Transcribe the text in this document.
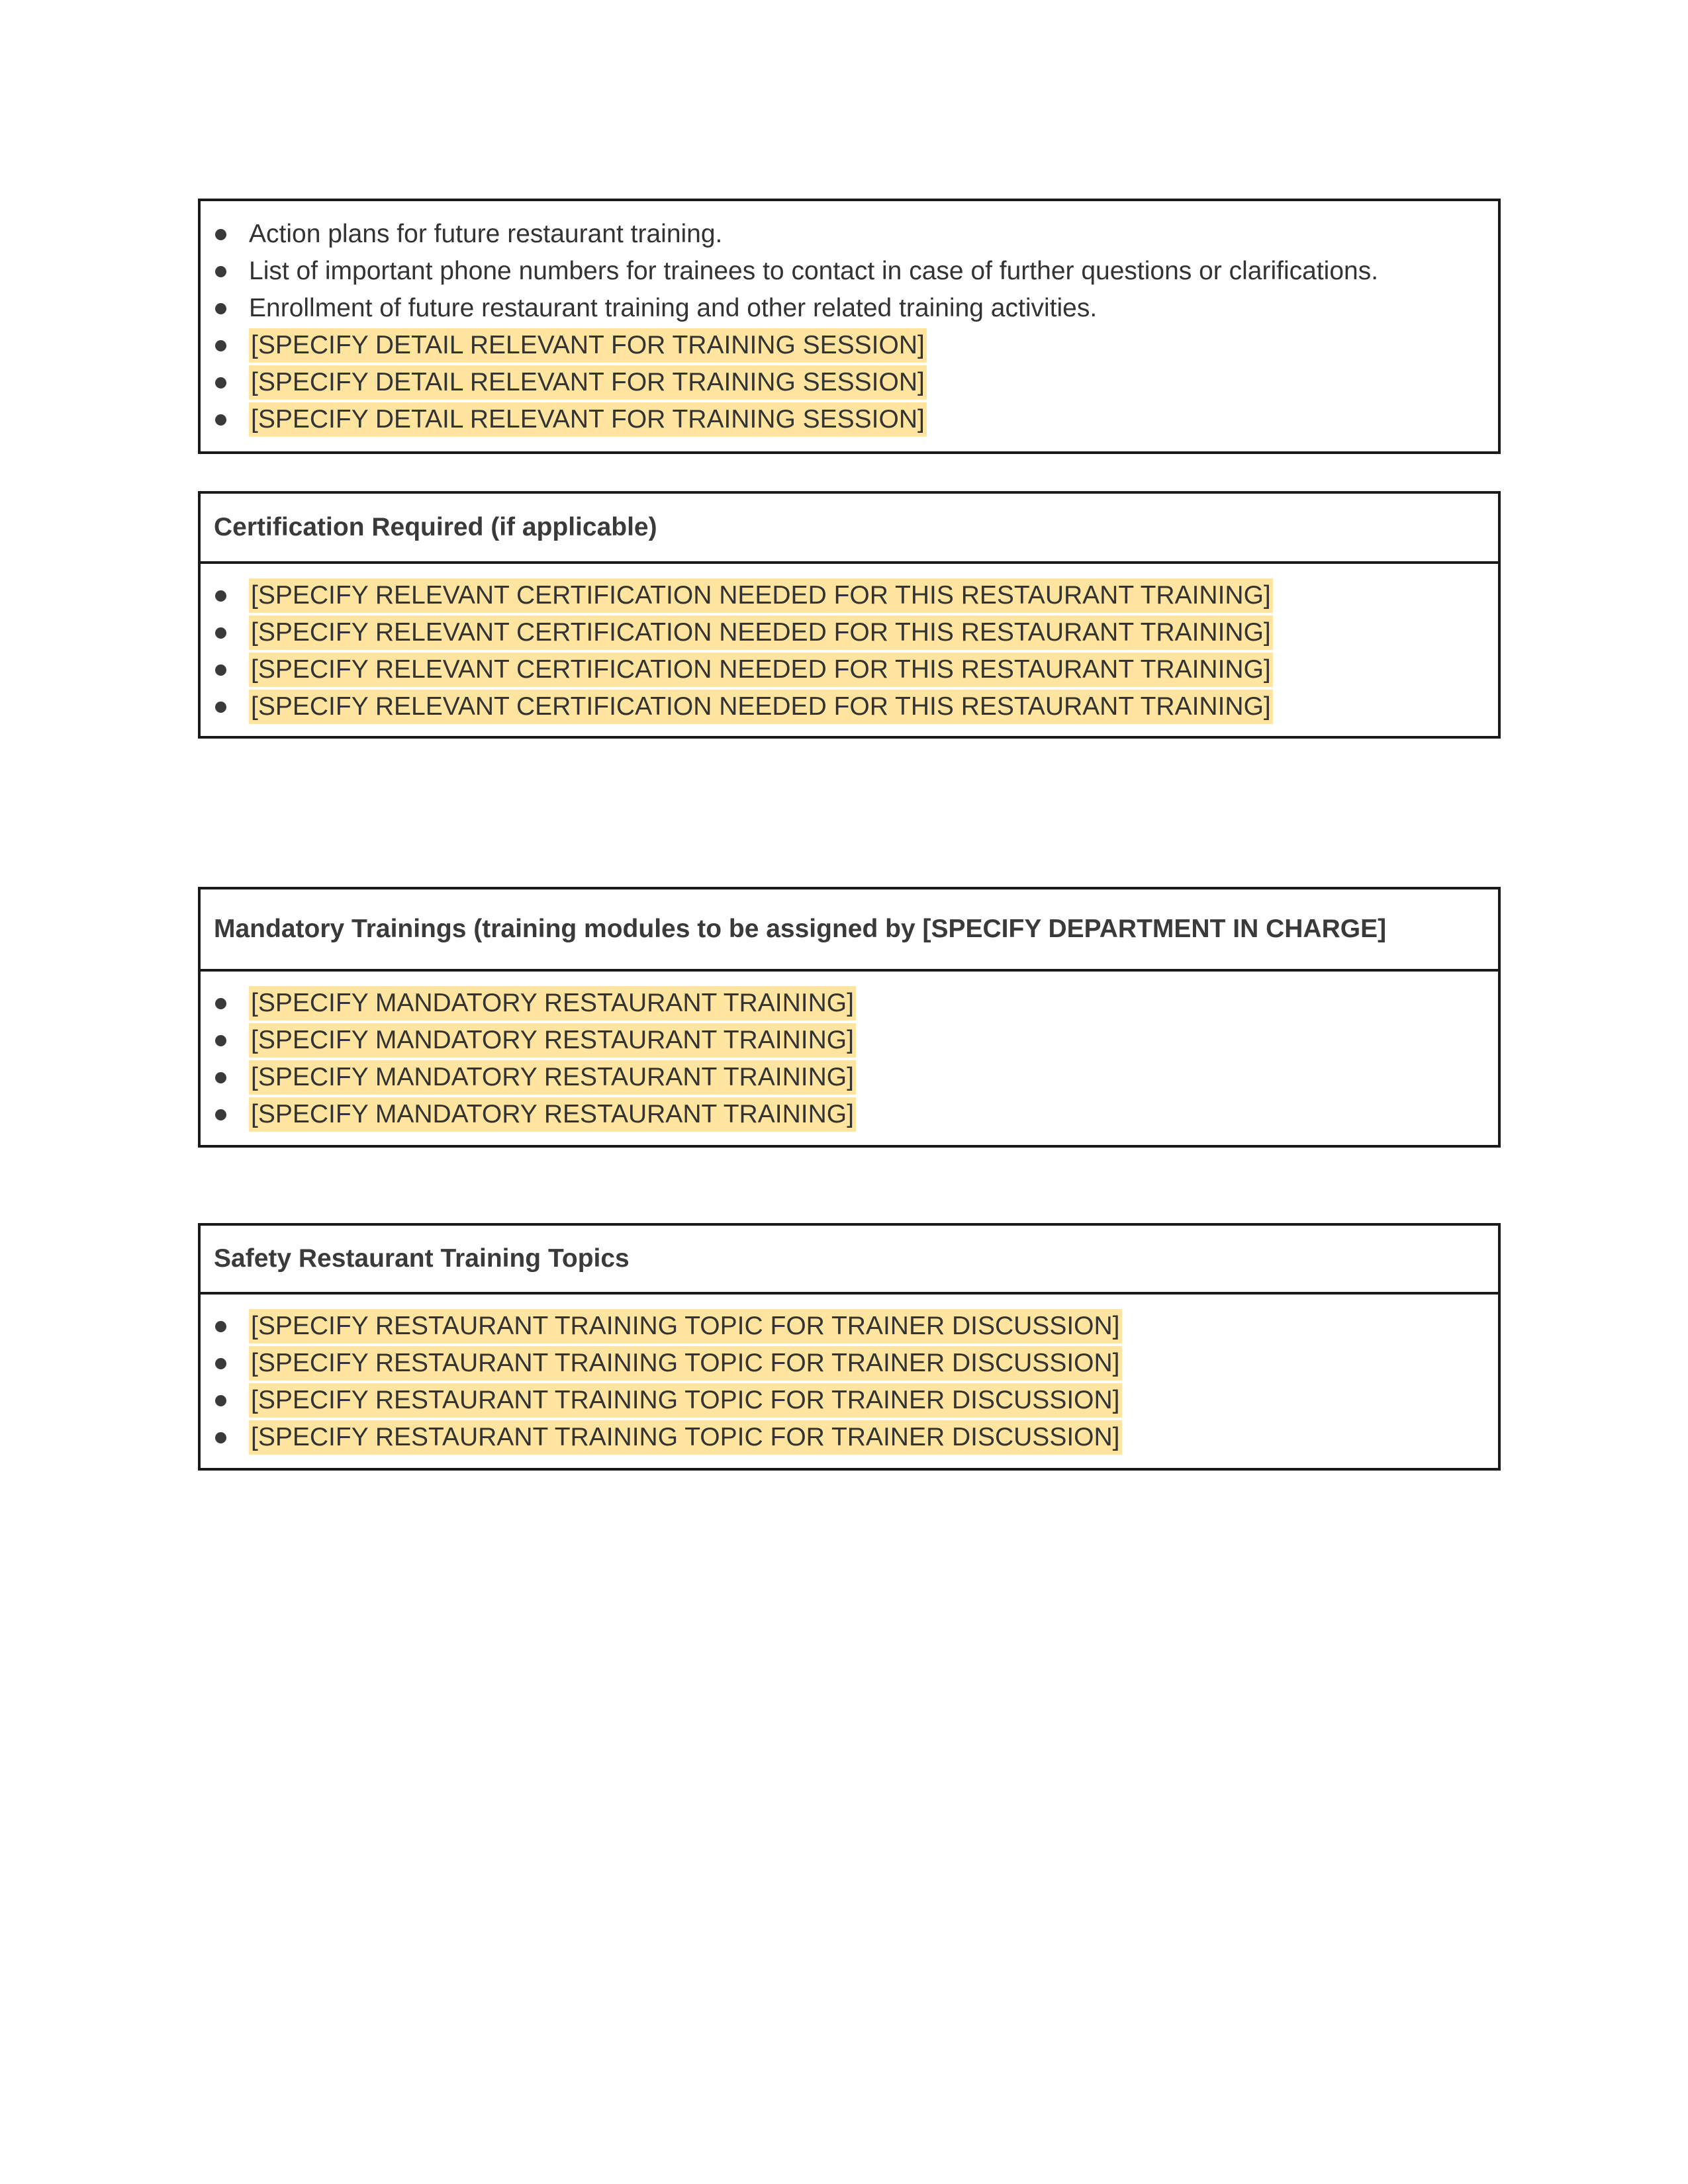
Action plans for future restaurant training.
List of important phone numbers for trainees to contact in case of further questions or clarifications.
Enrollment of future restaurant training and other related training activities.
[SPECIFY DETAIL RELEVANT FOR TRAINING SESSION]
[SPECIFY DETAIL RELEVANT FOR TRAINING SESSION]
[SPECIFY DETAIL RELEVANT FOR TRAINING SESSION]
Certification Required (if applicable)
[SPECIFY RELEVANT CERTIFICATION NEEDED FOR THIS RESTAURANT TRAINING]
[SPECIFY RELEVANT CERTIFICATION NEEDED FOR THIS RESTAURANT TRAINING]
[SPECIFY RELEVANT CERTIFICATION NEEDED FOR THIS RESTAURANT TRAINING]
[SPECIFY RELEVANT CERTIFICATION NEEDED FOR THIS RESTAURANT TRAINING]
Mandatory Trainings (training modules to be assigned by [SPECIFY DEPARTMENT IN CHARGE]
[SPECIFY MANDATORY RESTAURANT TRAINING]
[SPECIFY MANDATORY RESTAURANT TRAINING]
[SPECIFY MANDATORY RESTAURANT TRAINING]
[SPECIFY MANDATORY RESTAURANT TRAINING]
Safety Restaurant Training Topics
[SPECIFY RESTAURANT TRAINING TOPIC FOR TRAINER DISCUSSION]
[SPECIFY RESTAURANT TRAINING TOPIC FOR TRAINER DISCUSSION]
[SPECIFY RESTAURANT TRAINING TOPIC FOR TRAINER DISCUSSION]
[SPECIFY RESTAURANT TRAINING TOPIC FOR TRAINER DISCUSSION]
